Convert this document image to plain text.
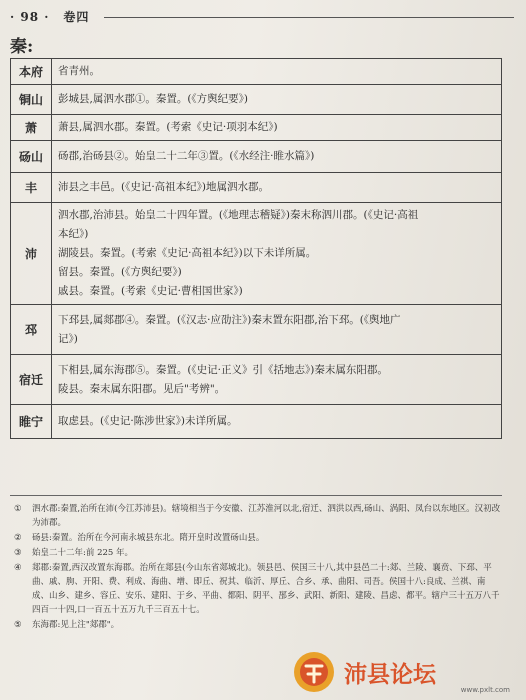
· 98 · 卷四
秦:
本府	省青州。

铜山	彭城县,属泗水郡①。秦置。(《方舆纪要》)

萧	萧县,属泗水郡。秦置。(考索《史记·项羽本纪》)

砀山	砀郡,治砀县②。始皇二十二年③置。(《水经注·睢水篇》)

丰	沛县之丰邑。(《史记·高祖本纪》)地属泗水郡。

沛	泗水郡,治沛县。始皇二十四年置。(《地理志稽疑》)秦末称泗川郡。(《史记·高祖
本纪》)
湖陵县。秦置。(考索《史记·高祖本纪》)以下未详所属。
留县。秦置。(《方舆纪要》)
戚县。秦置。(考索《史记·曹相国世家》)

邳	下邳县,属郯郡④。秦置。(《汉志·应劭注》)秦末置东阳郡,治下邳。(《舆地广
记》)

宿迁	下相县,属东海郡⑤。秦置。(《史记·正义》引《括地志》)秦末属东阳郡。
陵县。秦末属东阳郡。见后"考辨"。

睢宁	取虑县。(《史记·陈涉世家》)未详所属。
①	泗水郡:秦置,治所在沛(今江苏沛县)。辖境相当于今安徽、江苏淮河以北,宿迁、泗洪以西,砀山、涡阳、凤台以东地区。汉初改为沛郡。
②	砀县:秦置。治所在今河南永城县东北。隋开皇时改置砀山县。
③	始皇二十二年:前 225 年。
④	郯郡:秦置,西汉改置东海郡。治所在郯县(今山东省郯城北)。领县邑、侯国三十八,其中县邑二十:郯、兰陵、襄贲、下邳、平曲、戚、朐、开阳、费、利成、海曲、增、即丘、祝其、临沂、厚丘、合乡、承、曲阳、司吾。侯国十八:良成、兰祺、南成、山乡、建乡、容丘、安乐、建阳、于乡、平曲、都阳、阴平、郚乡、武阳、新阳、建陵、昌虑、都平。辖户三十五万八千四百一十四,口一百五十五万九千三百五十七。
⑤	东海郡:见上注"郯郡"。
沛县论坛
www.pxlt.com
